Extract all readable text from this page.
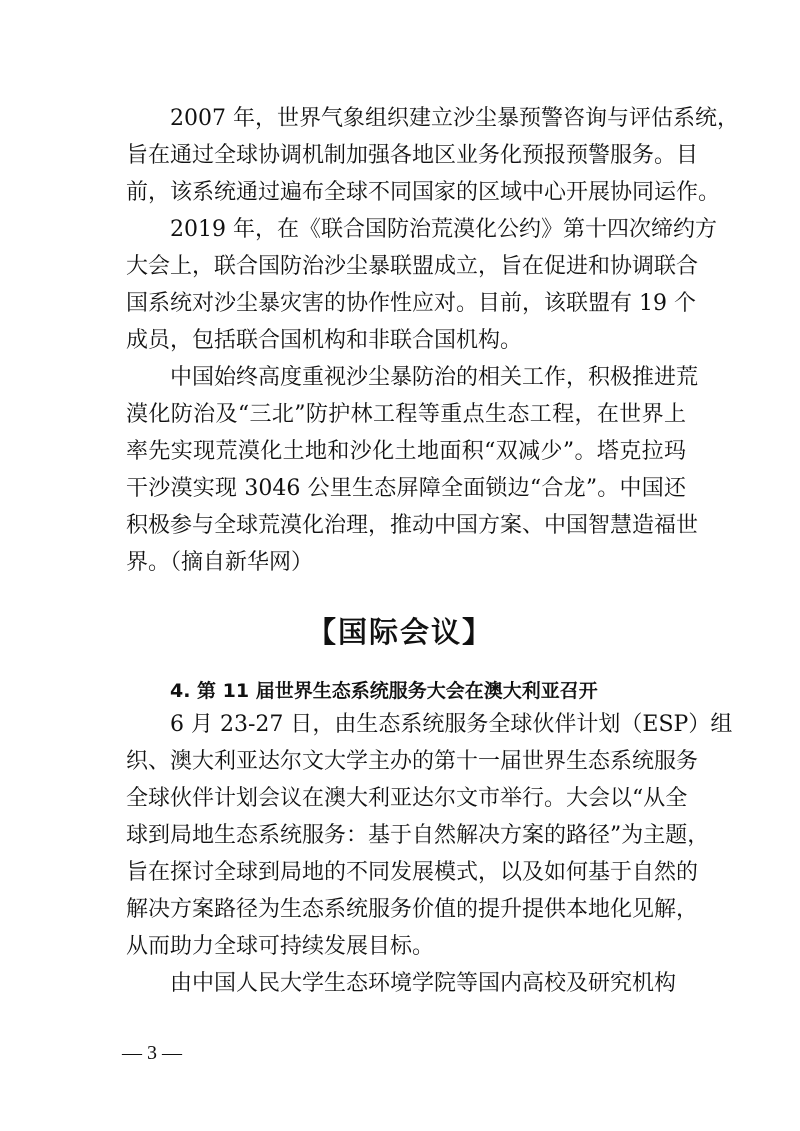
2007 年，世界气象组织建立沙尘暴预警咨询与评估系统，

旨在通过全球协调机制加强各地区业务化预报预警服务。目

前，该系统通过遍布全球不同国家的区域中心开展协同运作。

2019 年，在《联合国防治荒漠化公约》第十四次缔约方

大会上，联合国防治沙尘暴联盟成立，旨在促进和协调联合

国系统对沙尘暴灾害的协作性应对。目前，该联盟有 19 个

成员，包括联合国机构和非联合国机构。

中国始终高度重视沙尘暴防治的相关工作，积极推进荒

漠化防治及“三北”防护林工程等重点生态工程，在世界上

率先实现荒漠化土地和沙化土地面积“双减少”。塔克拉玛

干沙漠实现 3046 公里生态屏障全面锁边“合龙”。中国还

积极参与全球荒漠化治理，推动中国方案、中国智慧造福世

界。（摘自新华网）

【国际会议】
4. 第 11 届世界生态系统服务大会在澳大利亚召开

6 月 23-27 日，由生态系统服务全球伙伴计划（ESP）组

织、澳大利亚达尔文大学主办的第十一届世界生态系统服务

全球伙伴计划会议在澳大利亚达尔文市举行。大会以“从全

球到局地生态系统服务：基于自然解决方案的路径”为主题，

旨在探讨全球到局地的不同发展模式，以及如何基于自然的

解决方案路径为生态系统服务价值的提升提供本地化见解，

从而助力全球可持续发展目标。

由中国人民大学生态环境学院等国内高校及研究机构

— 3 —
